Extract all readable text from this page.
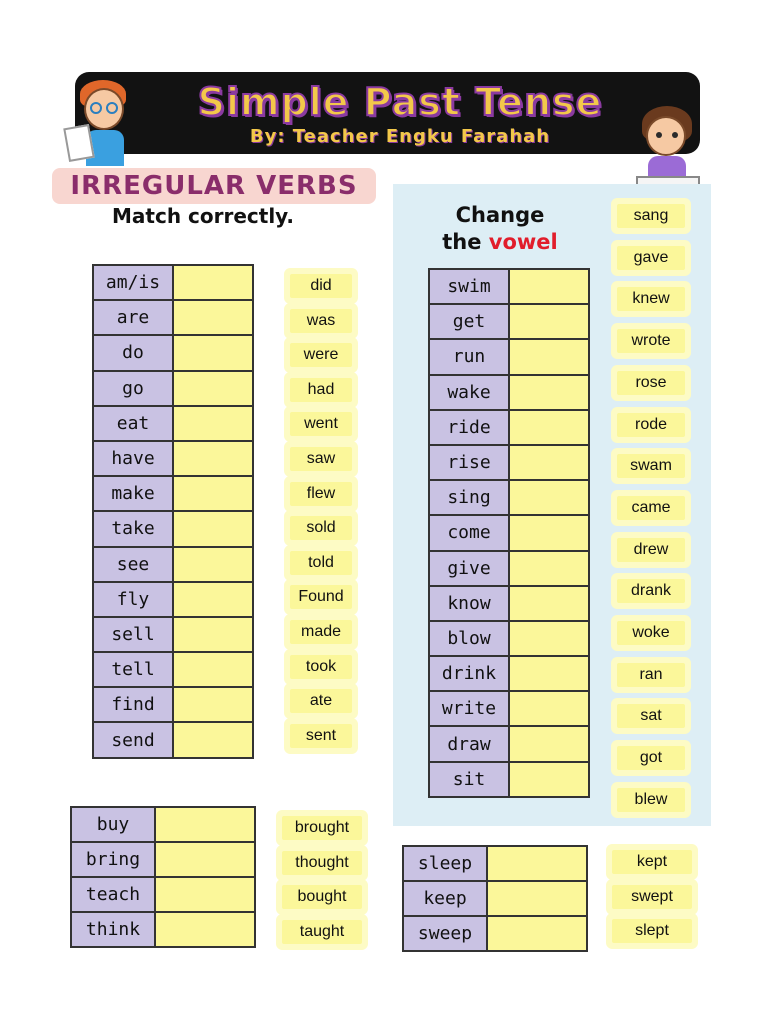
Simple Past Tense
By: Teacher Engku Farahah
IRREGULAR VERBS
Match correctly.	Change
the vowel
am/is
are
do
go
eat
have
make
take
see
fly
sell
tell
find
send
did
was
were
had
went
saw
flew
sold
told
Found
made
took
ate
sent
swim
get
run
wake
ride
rise
sing
come
give
know
blow
drink
write
draw
sit
sang
gave
knew
wrote
rose
rode
swam
came
drew
drank
woke
ran
sat
got
blew
buy
bring
teach
think
brought
thought
bought
taught
sleep
keep
sweep
kept
swept
slept
